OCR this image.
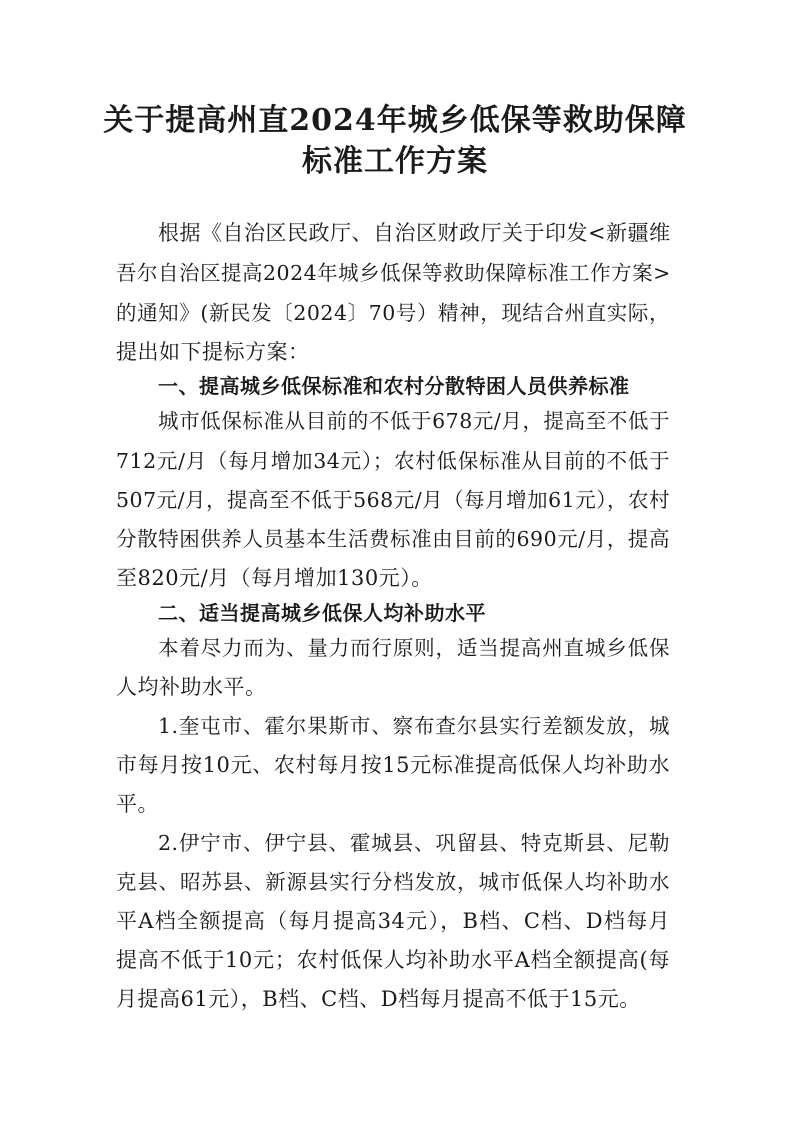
关于提高州直2024年城乡低保等救助保障
标准工作方案
根据《自治区民政厅、自治区财政厅关于印发<新疆维
吾尔自治区提高2024年城乡低保等救助保障标准工作方案>
的通知》(新民发〔2024〕70号）精神，现结合州直实际，
提出如下提标方案：
一、提高城乡低保标准和农村分散特困人员供养标准
城市低保标准从目前的不低于678元/月，提高至不低于
712元/月（每月增加34元）；农村低保标准从目前的不低于
507元/月，提高至不低于568元/月（每月增加61元），农村
分散特困供养人员基本生活费标准由目前的690元/月，提高
至820元/月（每月增加130元）。
二、适当提高城乡低保人均补助水平
本着尽力而为、量力而行原则，适当提高州直城乡低保
人均补助水平。
1.奎屯市、霍尔果斯市、察布查尔县实行差额发放，城
市每月按10元、农村每月按15元标准提高低保人均补助水
平。
2.伊宁市、伊宁县、霍城县、巩留县、特克斯县、尼勒
克县、昭苏县、新源县实行分档发放，城市低保人均补助水
平A档全额提高（每月提高34元），B档、C档、D档每月
提高不低于10元；农村低保人均补助水平A档全额提高(每
月提高61元），B档、C档、D档每月提高不低于15元。
